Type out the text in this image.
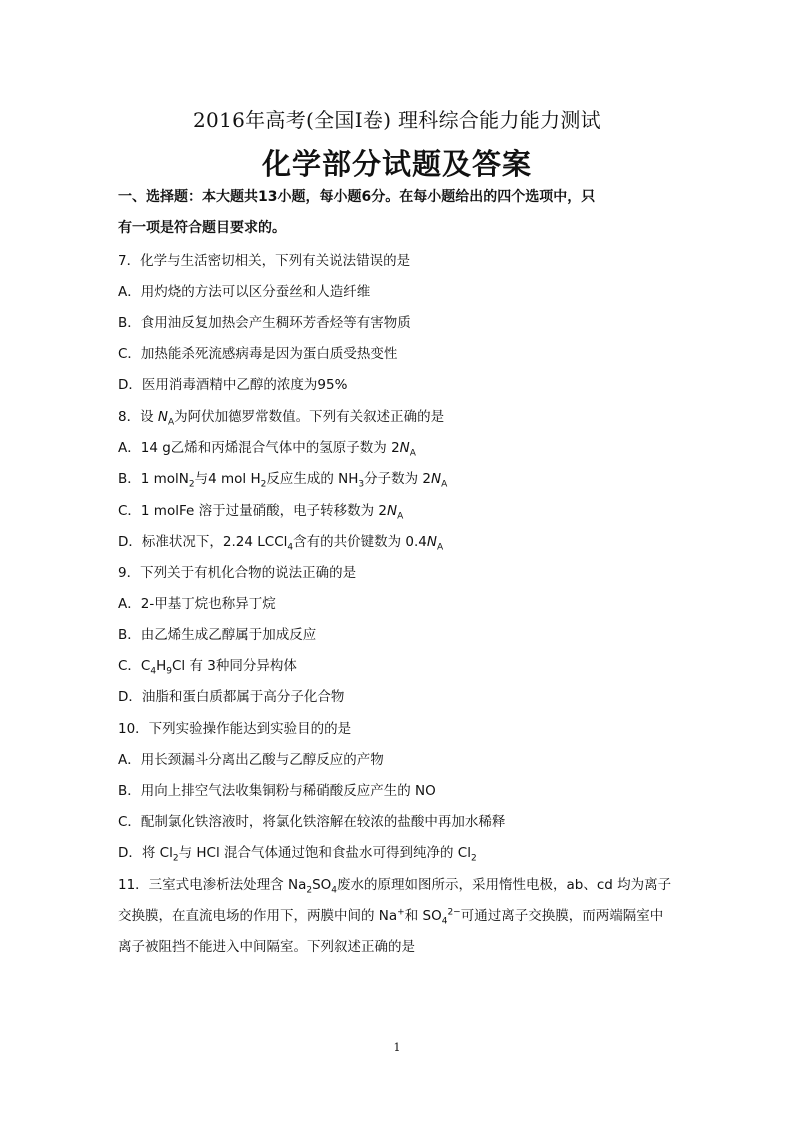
2016年高考(全国Ⅰ卷) 理科综合能力能力测试
化学部分试题及答案
一、选择题：本大题共13小题，每小题6分。在每小题给出的四个选项中，只
有一项是符合题目要求的。
7．化学与生活密切相关，下列有关说法错误的是
A．用灼烧的方法可以区分蚕丝和人造纤维
B．食用油反复加热会产生稠环芳香烃等有害物质
C．加热能杀死流感病毒是因为蛋白质受热变性
D．医用消毒酒精中乙醇的浓度为95%
8．设 $N_A$为阿伏加德罗常数值。下列有关叙述正确的是
A．14 g乙烯和丙烯混合气体中的氢原子数为 $2N_A$
B．1 molN$_2$与4 mol $H_2$反应生成的 $NH_3$分子数为 $2N_A$
C．1 molFe 溶于过量硝酸，电子转移数为 $2N_A$
D．标准状况下，2.24 LCCl$_4$含有的共价键数为 $0.4N_A$
9．下列关于有机化合物的说法正确的是
A．2-甲基丁烷也称异丁烷
B．由乙烯生成乙醇属于加成反应
C．$C_4H_9Cl$ 有 3种同分异构体
D．油脂和蛋白质都属于高分子化合物
10．下列实验操作能达到实验目的的是
A．用长颈漏斗分离出乙酸与乙醇反应的产物
B．用向上排空气法收集铜粉与稀硝酸反应产生的 NO
C．配制氯化铁溶液时，将氯化铁溶解在较浓的盐酸中再加水稀释
D．将 $Cl_2$与 HCl 混合气体通过饱和食盐水可得到纯净的 $Cl_2$
11．三室式电渗析法处理含 $Na_2SO_4$废水的原理如图所示，采用惰性电极，ab、cd 均为离子
交换膜，在直流电场的作用下，两膜中间的 Na+和 $SO_4^{2-}$可通过离子交换膜，而两端隔室中
离子被阻挡不能进入中间隔室。下列叙述正确的是
1
